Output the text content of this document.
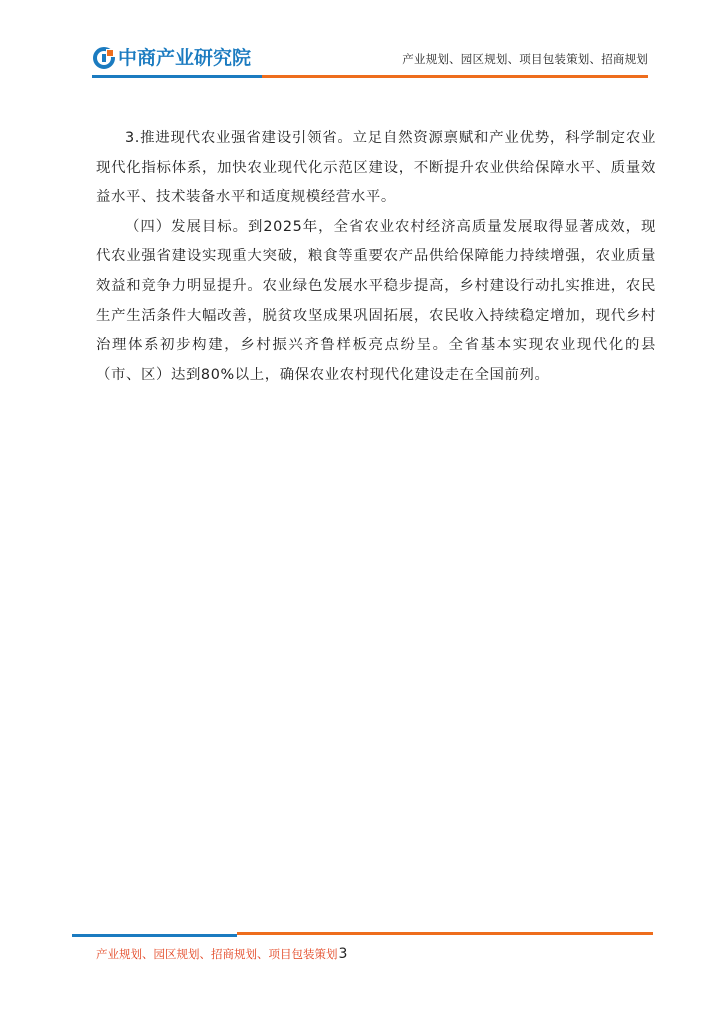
中商产业研究院	产业规划、园区规划、项目包装策划、招商规划

3.推进现代农业强省建设引领省。立足自然资源禀赋和产业优势，科学制定农业现代化指标体系，加快农业现代化示范区建设，不断提升农业供给保障水平、质量效益水平、技术装备水平和适度规模经营水平。

（四）发展目标。到2025年，全省农业农村经济高质量发展取得显著成效，现代农业强省建设实现重大突破，粮食等重要农产品供给保障能力持续增强，农业质量效益和竞争力明显提升。农业绿色发展水平稳步提高，乡村建设行动扎实推进，农民生产生活条件大幅改善，脱贫攻坚成果巩固拓展，农民收入持续稳定增加，现代乡村治理体系初步构建，乡村振兴齐鲁样板亮点纷呈。全省基本实现农业现代化的县（市、区）达到80%以上，确保农业农村现代化建设走在全国前列。

产业规划、园区规划、招商规划、项目包装策划3
